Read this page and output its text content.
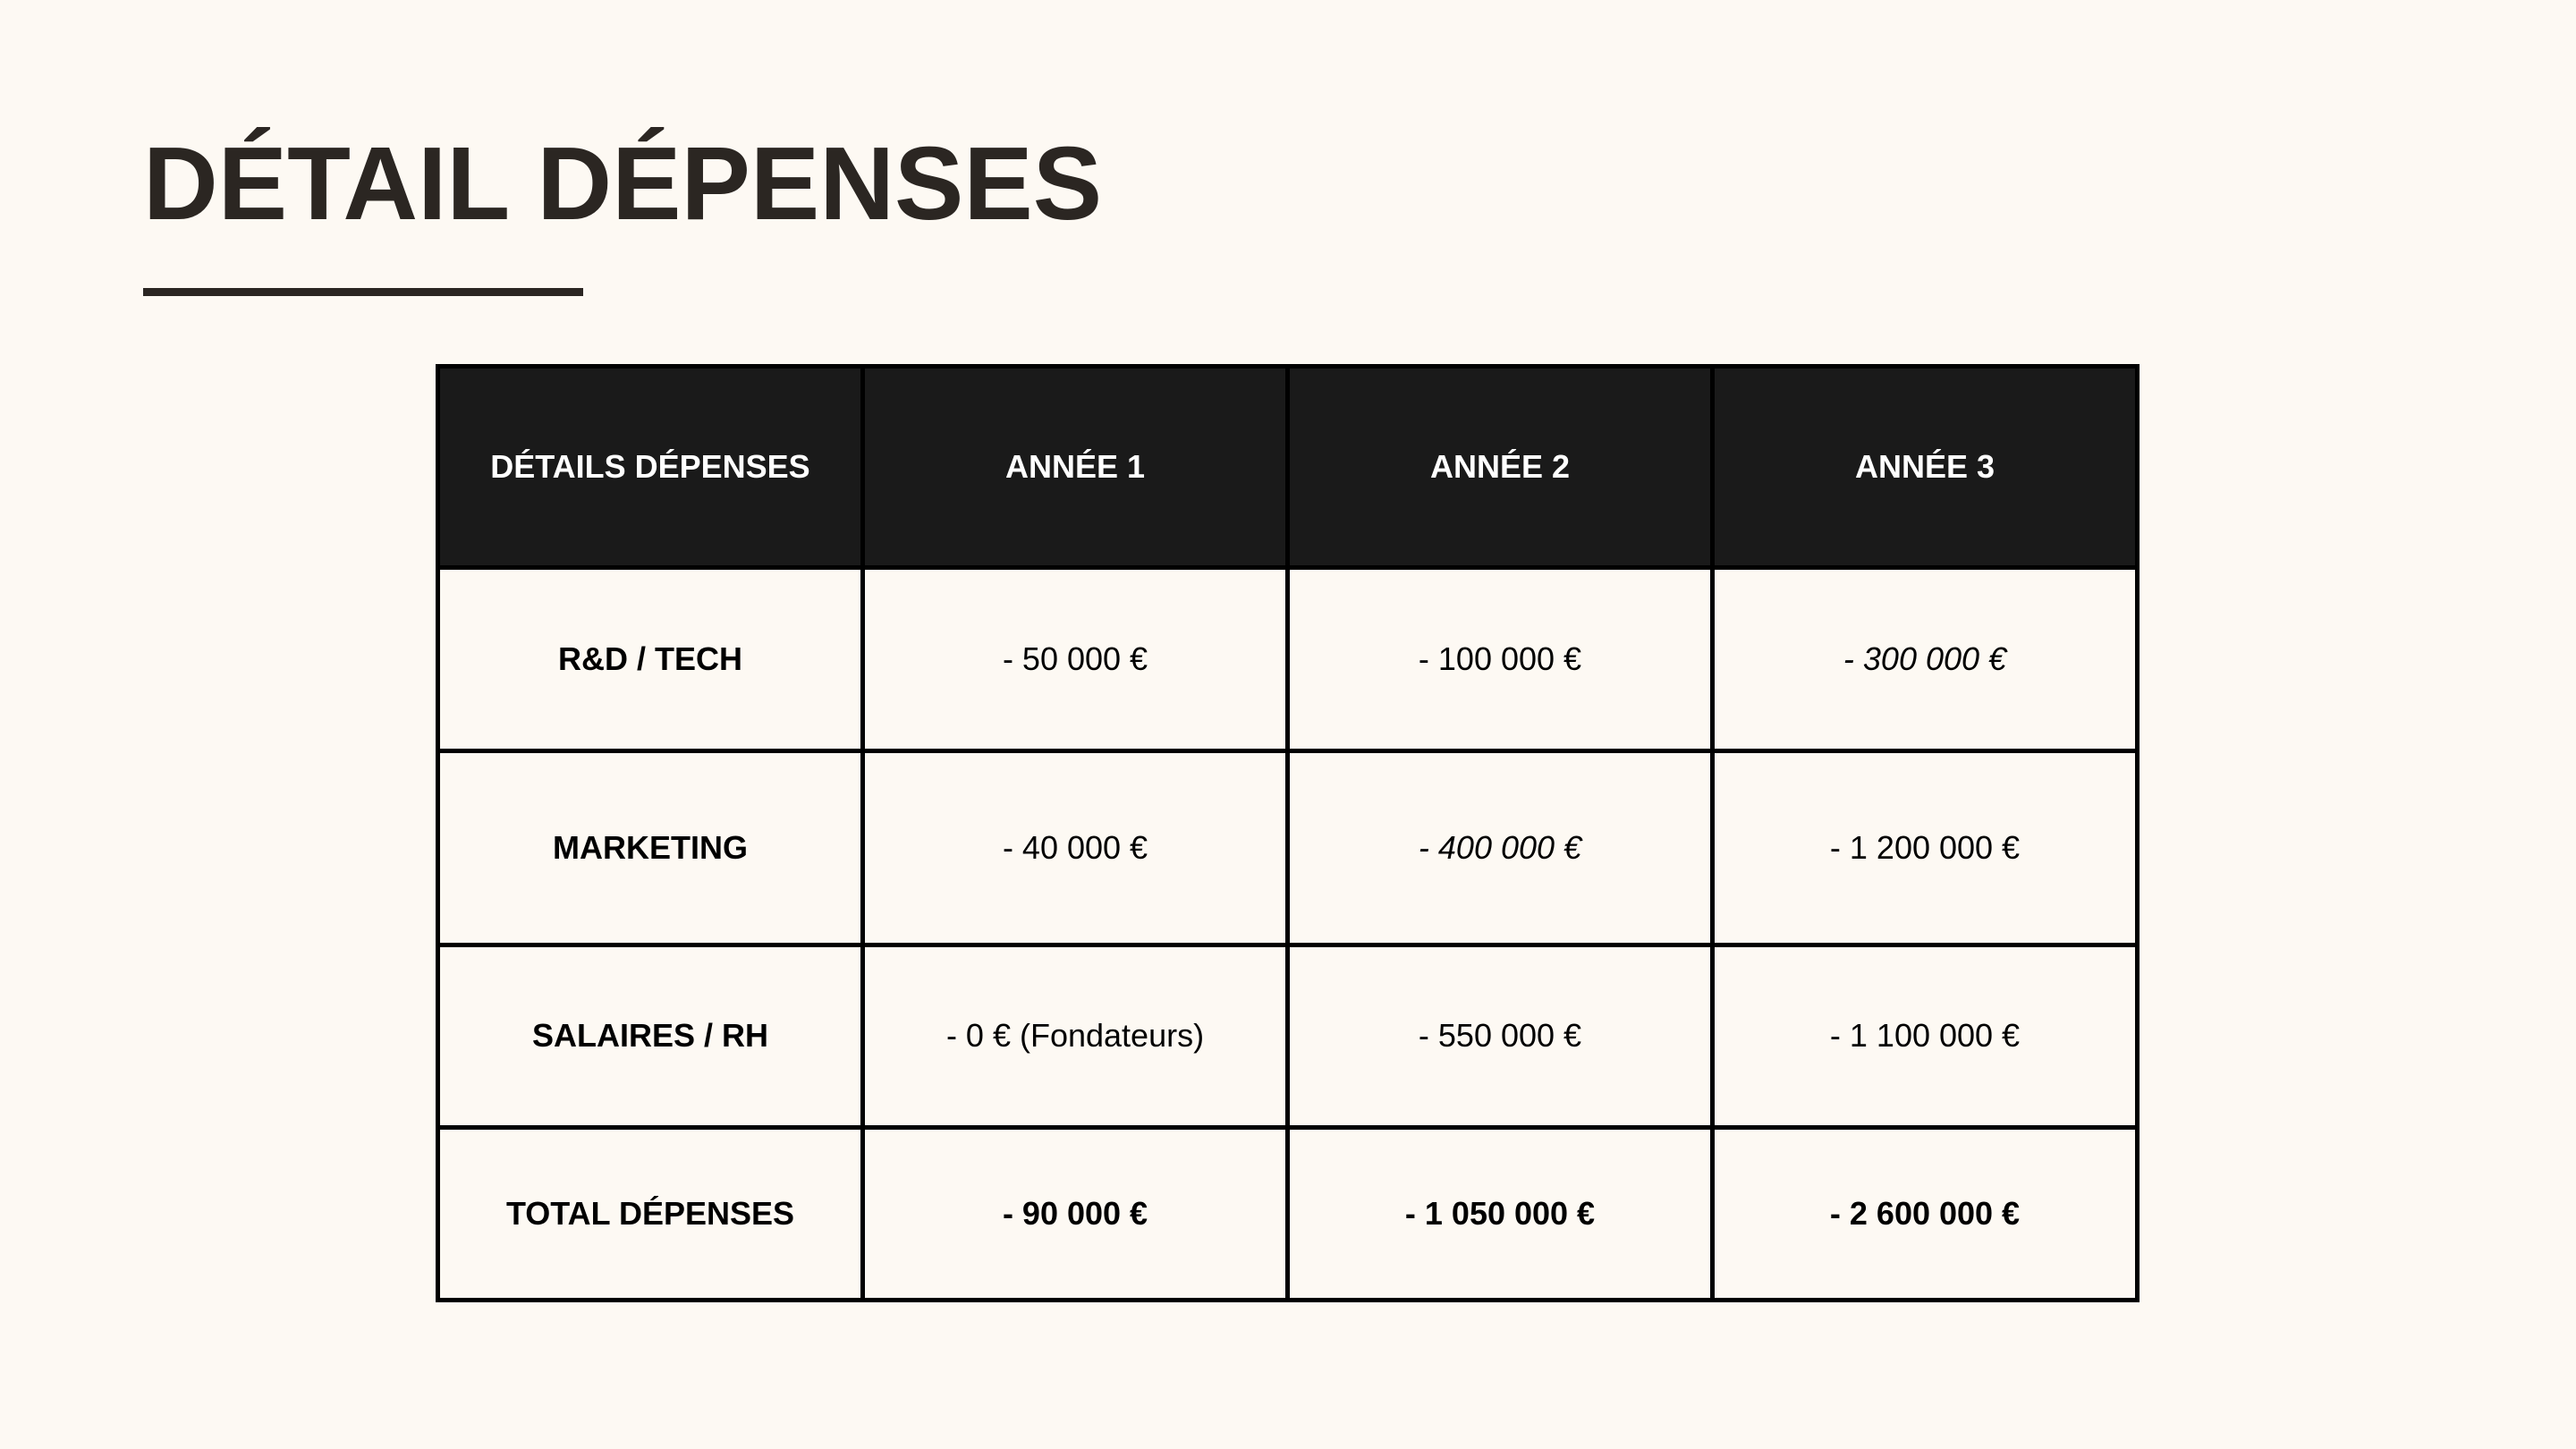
DÉTAIL DÉPENSES
DÉTAILS DÉPENSES	ANNÉE 1	ANNÉE 2	ANNÉE 3
R&D / TECH	- 50 000 €	- 100 000 €	- 300 000 €
MARKETING	- 40 000 €	- 400 000 €	- 1 200 000 €
SALAIRES / RH	- 0 € (Fondateurs)	- 550 000 €	- 1 100 000 €
TOTAL DÉPENSES	- 90 000 €	- 1 050 000 €	- 2 600 000 €
